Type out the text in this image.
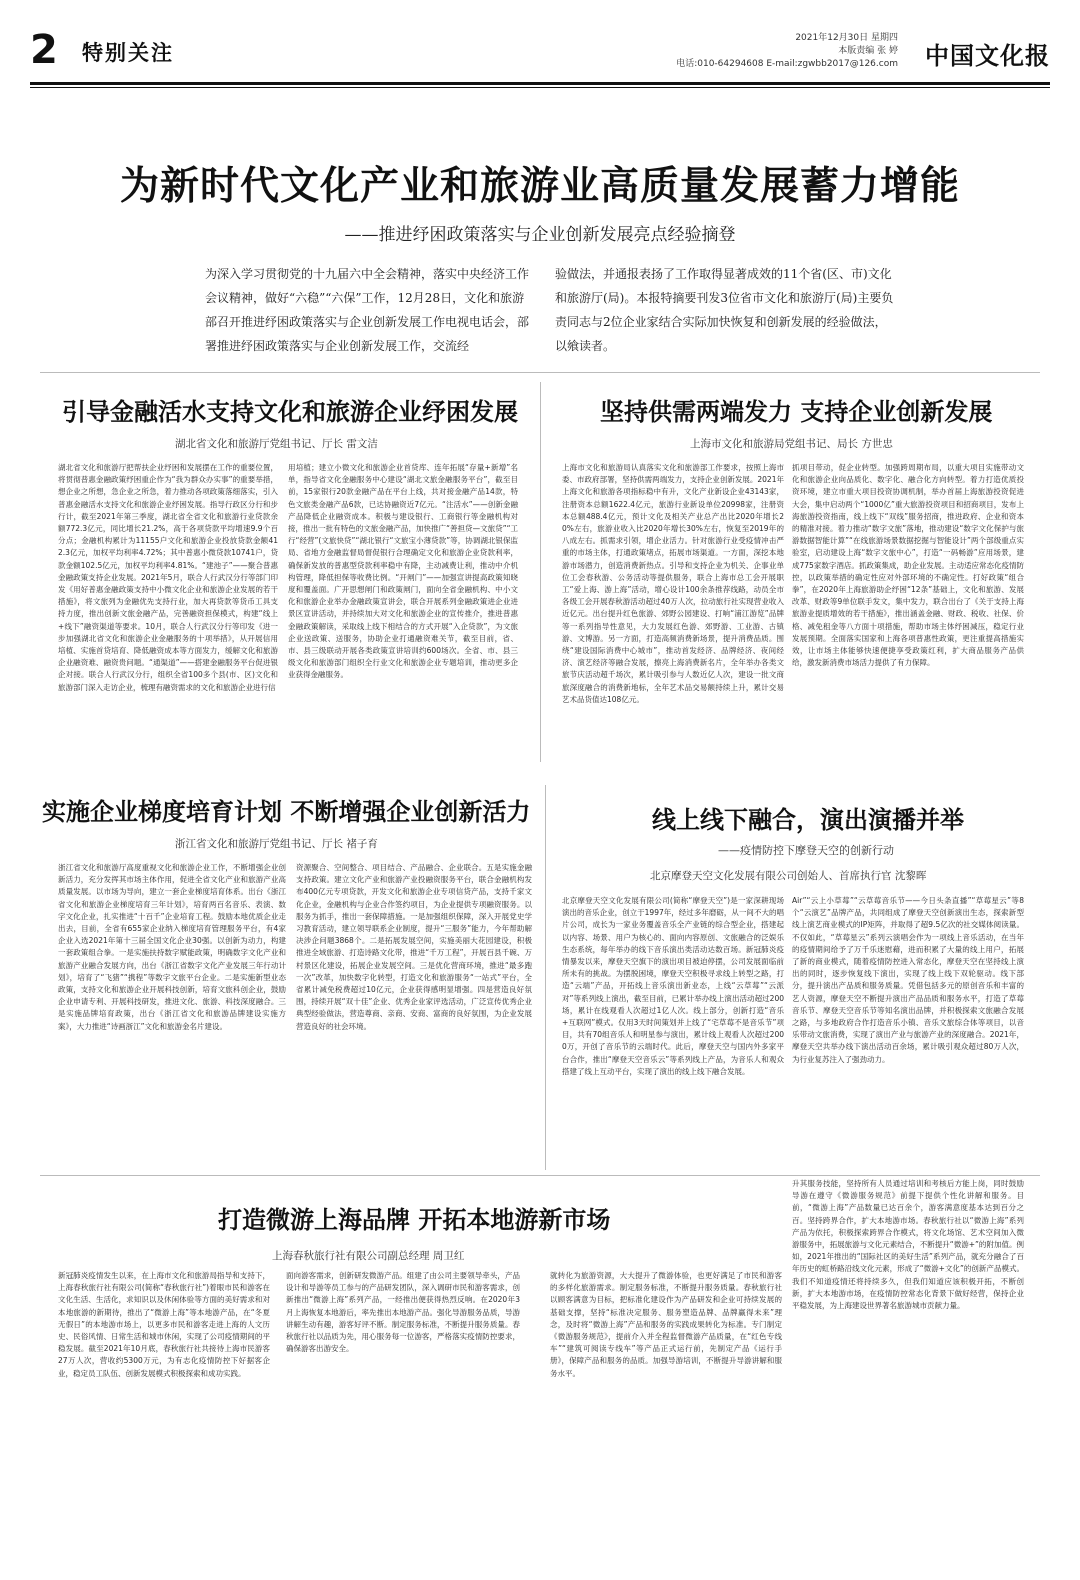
2 特别关注
2021年12月30日 星期四
本版责编 张 婷
电话:010-64294608 E-mail:zgwbb2017@126.com 中国文化报
为新时代文化产业和旅游业高质量发展蓄力增能
——推进纾困政策落实与企业创新发展亮点经验摘登
为深入学习贯彻党的十九届六中全会精神，落实中央经济工作会议精神，做好“六稳”“六保”工作，12月28日，文化和旅游部召开推进纾困政策落实与企业创新发展工作电视电话会，部署推进纾困政策落实与企业创新发展工作，交流经
验做法，并通报表扬了工作取得显著成效的11个省(区、市)文化和旅游厅(局)。本报特摘要刊发3位省市文化和旅游厅(局)主要负责同志与2位企业家结合实际加快恢复和创新发展的经验做法，以飨读者。
引导金融活水支持文化和旅游企业纾困发展
湖北省文化和旅游厅党组书记、厅长 雷文洁
湖北省文化和旅游厅把帮扶企业纾困和发展摆在工作的重要位置，将贯彻普惠金融政策纾困重企作为“我为群众办实事”的重要举措，想企业之所想，急企业之所急，着力推动各项政策落细落实，引入普惠金融活水支持文化和旅游企业纾困发展。指导行政区分行和步行计，截至2021年第三季度，湖北省全省文化和旅游行业贷款余额772.3亿元，同比增长21.2%，高于各项贷款平均增速9.9个百分点；金融机构累计为11155户文化和旅游企业投放贷款金额412.3亿元，加权平均利率4.72%；其中普惠小微贷款10741户，贷款金额102.5亿元，加权平均利率4.81%。“建池子”——聚合普惠金融政策支持企业发展。2021年5月，联合人行武汉分行等部门印发《用好普惠金融政策支持中小微文化企业和旅游企业发展的若干措施》，将文旅列为金融优先支持行业，加大再贷款等货币工具支持力度，推出创新文旅金融产品，完善融资担保模式，构建“线上+线下”融资渠道等要求。10月，联合人行武汉分行等印发《进一步加强湖北省文化和旅游企业金融服务的十项举措》，从开展信用培植、实施首贷培育、降低融资成本等方面发力，缓解文化和旅游企业融资难、融资贵问题。“通渠道”——搭建金融服务平台促进银企对接。联合人行武汉分行，组织全省100多个县(市、区)文化和旅游部门深入走访企业，梳理有融资需求的文化和旅游企业进行信
用培植；建立小微文化和旅游企业首贷库、连年拓展“存量+新增”名单，指导省文化金融服务中心建设“湖北文旅金融服务平台”，截至目前，15家银行20款金融产品在平台上线，共对接金融产品14款，特色文旅类金融产品6款，已达协融资近7亿元。“注活水”——创新金融产品降低企业融资成本。积极与建设银行、工商银行等金融机构对接，推出一批有特色的文旅金融产品，加快推广“善担贷—文旅贷”“工行“经营”(文旅快贷”“湖北银行“文旅宝小薄贷款”等，协调湖北银保监局、省地方金融监督局督促银行合理确定文化和旅游企业贷款利率，确保新发放的普惠型贷款利率稳中有降，主动减费让利，推动中介机构管理，降低担保等收费比例。“开闸门”——加强宣讲提高政策知晓度和覆盖面。广开思想闸门和政策闸门，面向全省金融机构、中小文化和旅游企业举办金融政策宣讲会，联合开展系列金融政策进企业进景区宣讲活动，并持续加大对文化和旅游企业的宣传推介，推进普惠金融政策解读，采取线上线下相结合的方式开展“入企贷款”，为文旅企业送政策、送服务，协助企业打通融资难关节，截至目前，省、市、县三级联动开展各类政策宣讲培训约600场次。全省、市、县三级文化和旅游部门组织全行业文化和旅游企业专题培训，推动更多企业获得金融服务。
坚持供需两端发力 支持企业创新发展
上海市文化和旅游局党组书记、局长 方世忠
上海市文化和旅游局认真落实文化和旅游部工作要求，按照上海市委、市政府部署，坚持供需两端发力，支持企业创新发展。2021年上海文化和旅游各项指标稳中有升，文化产业新设企业43143家，注册资本总额1622.4亿元，旅游行业新设单位20998家，注册资本总额488.4亿元，预计文化及相关产业总产出比2020年增长20%左右，旅游业收入比2020年增长30%左右，恢复至2019年的八成左右。抓需求引领，增企业活力。针对旅游行业受疫情冲击严重的市场主体，打通政策堵点，拓展市场渠道。一方面，深挖本地游市场潜力，创造消费新热点。引导和支持企业为机关、企事业单位工会春秋游、公务活动等提供服务，联合上海市总工会开展职工“爱上海、游上海”活动，增心设计100余条推荐线路，动员全市各级工会开展春秋游活动超过40万人次，拉动旅行社实现营业收入近亿元。出台提升红色旅游、郊野公园建设、打响“浦江游览”品牌等一系列指导性意见，大力发展红色游、郊野游、工业游、古镇游、文博游。另一方面，打造高频消费新场景，提升消费品质。围绕“建设国际消费中心城市”，推动首发经济、品牌经济、夜间经济、演艺经济等融合发展，擦亮上海消费新名片，全年举办各类文旅节庆活动超千场次，累计吸引参与人数近亿人次，建设一批文商旅深度融合的消费新地标，全年艺术品交易额持续上升，累计交易艺术品货值达108亿元。
抓项目带动，促企业转型。加强跨周期布局，以重大项目实施带动文化和旅游企业向品质化、数字化、融合化方向转型。着力打造优质投资环境，建立市重大项目投资协调机制，举办首届上海旅游投资促进大会，集中启动两个“1000亿”重大旅游投资项目和招商项目，发布上海旅游投资指南，线上线下“双线”服务招商，推进政府、企业和资本的精准对接。着力推动“数字文旅”落地，推动建设“数字文化保护与旅游数据智能计算”“在线旅游场景数据挖掘与智能设计”两个部级重点实验室，启动建设上海“数字文旅中心”，打造“一码畅游”应用场景，建成775家数字酒店。抓政策集成，助企业发展。主动适应常态化疫情防控，以政策举措的确定性应对外部环境的不确定性。打好政策“组合拳”，在2020年上海旅游助企纾困“12条”基础上，文化和旅游、发展改革、财政等9单位联手发文，集中发力，联合出台了《关于支持上海旅游业提质增效的若干措施》，推出涵盖金融、财政、税收、社保、价格、减免租金等八方面十项措施，帮助市场主体纾困减压，稳定行业发展预期。全面落实国家和上海各项普惠性政策，更注重提高措施实效，让市场主体能够快速便捷享受政策红利，扩大商品服务产品供给，激发新消费市场活力提供了有力保障。
实施企业梯度培育计划 不断增强企业创新活力
浙江省文化和旅游厅党组书记、厅长 褚子育
浙江省文化和旅游厅高度重视文化和旅游企业工作，不断增强企业创新活力，充分发挥其市场主体作用，促进全省文化产业和旅游产业高质量发展。以市场为导向，建立一套企业梯度培育体系。出台《浙江省文化和旅游企业梯度培育三年计划》，培育两百名音乐、表演、数字文化企业，扎实推进“十百千”企业培育工程。鼓励本地优质企业走出去，目前，全省有655家企业纳入梯度培育管理服务平台，有4家企业入选2021年第十三届全国文化企业30强。以创新为动力，构建一套政策组合拳。一是实施扶持数字赋能政策，明确数字文化产业和旅游产业融合发展方向，出台《浙江省数字文化产业发展三年行动计划》，培育了“飞猪”“携程”等数字文旅平台企业。二是实施新型业态政策，支持文化和旅游企业开展科技创新，培育文旅科创企业，鼓励企业申请专利、开展科技研发，推进文化、旅游、科技深度融合。三是实施品牌培育政策，出台《浙江省文化和旅游品牌建设实施方案》，大力推进“诗画浙江”文化和旅游金名片建设。
资源聚合、空间整合、项目结合、产品融合、企业联合。五是实施金融支持政策。建立文化产业和旅游产业投融资服务平台，联合金融机构发布400亿元专项贷款，开发文化和旅游企业专项信贷产品，支持千家文化企业，金融机构与企业合作签约项目，为企业提供专项融资服务。以服务为抓手，推出一套保障措施。一是加强组织保障，深入开展党史学习教育活动，建立领导联系企业制度，提升“三服务”能力，今年帮助解决涉企问题3868个。二是拓展发展空间，实施美丽大花园建设，积极推进全域旅游、打造诗路文化带，推进“千万工程”，开展百县千碗、万村景区化建设，拓展企业发展空间。三是优化营商环境，推进“最多跑一次”改革，加快数字化转型，打造文化和旅游服务“一站式”平台，全省累计减免税费超过10亿元，企业获得感明显增强。四是营造良好氛围，持续开展“双十佳”企业、优秀企业家评选活动，广泛宣传优秀企业典型经验做法，营造尊商、亲商、安商、富商的良好氛围，为企业发展营造良好的社会环境。
线上线下融合，演出演播并举
——疫情防控下摩登天空的创新行动
北京摩登天空文化发展有限公司创始人、首席执行官 沈黎晖
北京摩登天空文化发展有限公司(简称“摩登天空”)是一家深耕现场演出的音乐企业，创立于1997年，经过多年磨砺，从一间不大的唱片公司，成长为一家业务覆盖音乐全产业链的综合型企业，搭建起以内容、场景、用户为核心的、面向内容原创、文旅融合的泛娱乐生态系统，每年举办的线下音乐演出类活动达数百场。新冠肺炎疫情暴发以来，摩登天空旗下的演出项目被迫停摆，公司发展面临前所未有的挑战。为摆脱困境，摩登天空积极寻求线上转型之路，打造“云端”产品，开拓线上音乐演出新业态，上线“云草莓”“云派对”等系列线上演出，截至目前，已累计举办线上演出活动超过200场，累计在线观看人次超过1亿人次。线上部分，创新打造“音乐+互联网”模式。仅用3天时间策划并上线了“宅草莓不是音乐节”项目，共有70组音乐人和明星参与演出，累计线上观看人次超过2000万，开创了音乐节的云端时代。此后，摩登天空与国内外多家平台合作，推出“摩登天空音乐云”等系列线上产品，为音乐人和观众搭建了线上互动平台，实现了演出的线上线下融合发展。
Air”“云上小草莓”“云草莓音乐节——今日头条直播”“草莓星云”等8个“云演艺”品牌产品，共同组成了摩登天空创新演出生态，探索新型线上演艺商业模式的IP矩阵，并取得了超9.5亿次的社交媒体阅读量。不仅如此，“草莓星云”系列云演唱会作为一项线上音乐活动，在当年的疫情期间给予了万千乐迷慰藉，进而积累了大量的线上用户，拓展了新的商业模式，随着疫情防控进入常态化，摩登天空在坚持线上演出的同时，逐步恢复线下演出，实现了线上线下双轮驱动。线下部分，提升演出产品质和服务质量。凭借包括多元的原创音乐和丰富的艺人资源，摩登天空不断提升演出产品品质和服务水平，打造了草莓音乐节、摩登天空音乐节等知名演出品牌，并积极探索文旅融合发展之路，与多地政府合作打造音乐小镇、音乐文旅综合体等项目，以音乐带动文旅消费，实现了演出产业与旅游产业的深度融合。2021年，摩登天空共举办线下演出活动百余场，累计吸引观众超过80万人次，为行业复苏注入了强劲动力。
打造微游上海品牌 开拓本地游新市场
上海春秋旅行社有限公司副总经理 周卫红
新冠肺炎疫情发生以来，在上海市文化和旅游局指导和支持下，上海春秋旅行社有限公司(简称“春秋旅行社”)着眼市民和游客在文化生活、生活化，求知识以及休闲体验等方面的美好需求和对本地旅游的新期待，推出了“微游上海”等本地游产品，在“冬夏无假日”的本地游市场上，以更多市民和游客走进上海的人文历史、民俗风情、日常生活和城市休闲，实现了公司疫情期间的平稳发展。截至2021年10月底，春秋旅行社共接待上海市民游客27万人次，营收约5300万元，为有志化疫情防控下好据客企业，稳定员工队伍、创新发展模式积极探索和成功实践。
面向游客需求，创新研发微游产品。组建了由公司主要领导牵头，产品设计和导游等员工参与的产品研发团队，深入调研市民和游客需求，创新推出“微游上海”系列产品，一经推出便获得热烈反响。在2020年3月上海恢复本地游后，率先推出本地游产品。强化导游服务品质，导游讲解生动有趣，游客好评不断。制定服务标准，不断提升服务质量。春秋旅行社以品质为先，用心服务每一位游客，严格落实疫情防控要求，确保游客出游安全。
就转化为旅游资源，大大提升了微游体验，也更好满足了市民和游客的多样化旅游需求。制定服务标准，不断提升服务质量。春秋旅行社以顾客满意为目标，把标准化建设作为产品研发和企业可持续发展的基础支撑，坚持“标准决定服务、服务塑造品牌、品牌赢得未来”理念，及时将“微游上海”产品和服务的实践成果转化为标准。专门制定《微游服务规范》，提前介入并全程监督微游产品质量，在“红色专线车”“建筑可阅读专线车”等产品正式运行前，先制定产品《运行手册》，保障产品和服务的品质。加强导游培训，不断提升导游讲解和服务水平。
升其服务技能，坚持所有人员通过培训和考核后方能上岗，同时鼓励导游在遵守《微游服务规范》前提下提供个性化讲解和服务。目前，“微游上海”产品数量已达百余个，游客满意度基本达到百分之百。坚持跨界合作，扩大本地游市场。春秋旅行社以“微游上海”系列产品为依托，积极探索跨界合作模式，将文化场馆、艺术空间加入微游服务中，拓展旅游与文化元素结合，不断提升“微游+”的附加值。例如，2021年推出的“国际社区的美好生活”系列产品，就充分融合了百年历史的虹桥路沿线文化元素，形成了“微游+文化”的创新产品模式。我们不知道疫情还将持续多久，但我们知道应该积极开拓，不断创新，扩大本地游市场，在疫情防控常态化背景下做好经营，保持企业平稳发展，为上海建设世界著名旅游城市贡献力量。
